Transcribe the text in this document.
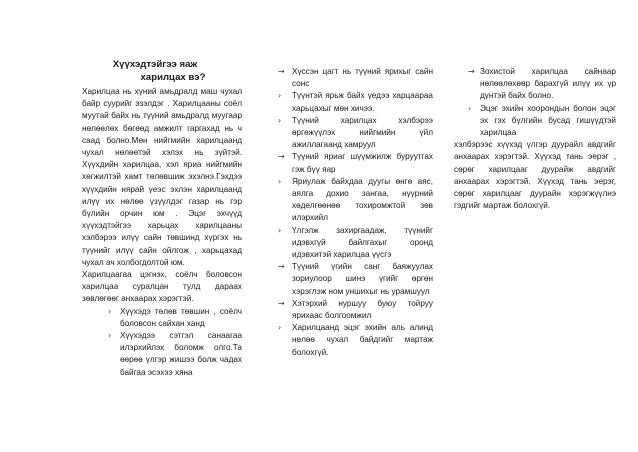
Хүүхэдтэйгээ яаж
харилцах вэ?

Харилцаа нь хүний амьдралд маш чухал байр суурийг эзэлдэг . Харилцааны соёл муутай байх нь түүний амьдралд муугаар нөлөөлөх бөгөөд амжилт гаргахад нь ч саад болно.Мөн нийгмийн харилцаанд чухал нөлөөтэй хэлэх нь зүйтэй. Хүүхдийн харилцаа, хэл яриа нийгмийн хөгжилтэй хамт төлөвшиж эхэлнэ.Гэхдээ хүүхдийн нярай үеэс эхлэн харилцаанд илүү их нөлөө үзүүлдэг газар нь гэр бүлийн орчин юм . Эцэг эхчүүд хүүхэдтэйгээ харьцах харилцааны хэлбэрээ илүү сайн төвшинд хүргэх нь түүнийг илүү сайн ойлгож , харьцахад чухал ач холбогдолтой юм.

Харилцаагаа цэгнэх, соёлч боловсон харилцаа суралцан тулд дараах зөвлөгөөг анхаарах хэрэгтэй.

›	Хүүхэдэ төлөв төвшин , соёлч боловсон сайхан ханд
›	Хүүхэдээ сэтгэл санаагаа илэрхийлэх боломж олго.Та өөрөө үлгэр жишээ болж чадах байгаа эсэхээ хяна
→ Хүссэн цагт нь түүний ярихыг сайн сонс
›	Түүнтэй ярьж байх үедээ харцаараа харьцахыг мөн хичээ.
›	Түүний харилцах хэлбэрээ өргөжүүлэх нийгмийн үйл ажиллагаанд хамруул
→ Түүний яриаг шүүмжилж буруутгах гэж бүү яар
›	Яриулаж байхдаа дуугы өнгө аяс, аялга дохио зангаа, нүүрний хөделгөөнөө тохиромжтой зөв илэрхийл
›	Үлгэлж захиргаадаж, түүнийг идэвхгүй байлгахыг оронд идэвхитэй харилцаа үүсгэ
→ Түүний үгийн санг баяжуулах зориулоор шинэ үгийг өргөн хэрэглэж ном уншихыг нь урамшуул
→ Хэтэрхий нуршуу буюу тойруу ярихаас болгоомжил
›	Харилцаанд эцэг эхийн аль алинд нөлөө чухал байдгийг мартаж болохгүй.
→ Зохистой харилцаа сайнаар нөлөөлөхөөр барахгүй илүү их үр дүнтэй байх болно.
›	Эцэг эхийн хоорондын болон эцэг эх гэх бүлгийн бусад гишүүдтэй харилцаа

хэлбэрээс хүүхэд үлгэр дуурайл авдгийг анхаарах хэрэгтэй. Хүүхэд тань эерэг , сөрөг харилцааг дуурайж авдгийг анхаарах хэрэгтэй. Хүүхэд тань эерэг, сөрөг харилцааг дуурайн хэрэгжүүлнэ гэдгийг мартаж болохгүй.
